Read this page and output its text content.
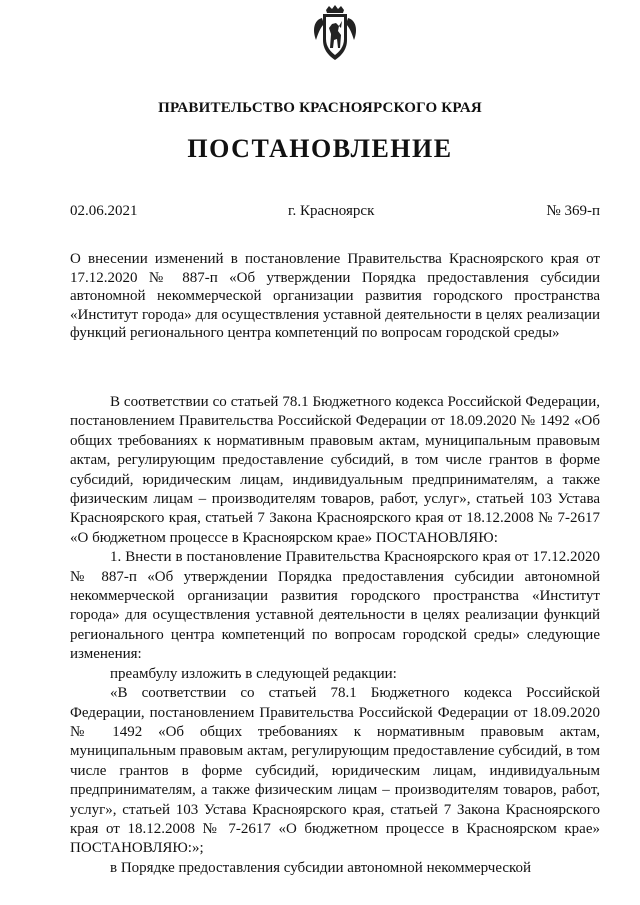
ПРАВИТЕЛЬСТВО КРАСНОЯРСКОГО КРАЯ
ПОСТАНОВЛЕНИЕ
02.06.2021	г. Красноярск	№ 369-п
О внесении изменений в постановление Правительства Красноярского края от 17.12.2020 № 887-п «Об утверждении Порядка предоставления субсидии автономной некоммерческой организации развития городского пространства «Институт города» для осуществления уставной деятельности в целях реализации функций регионального центра компетенций по вопросам городской среды»

В соответствии со статьей 78.1 Бюджетного кодекса Российской Федерации, постановлением Правительства Российской Федерации от 18.09.2020 № 1492 «Об общих требованиях к нормативным правовым актам, муниципальным правовым актам, регулирующим предоставление субсидий, в том числе грантов в форме субсидий, юридическим лицам, индивидуальным предпринимателям, а также физическим лицам – производителям товаров, работ, услуг», статьей 103 Устава Красноярского края, статьей 7 Закона Красноярского края от 18.12.2008 № 7-2617 «О бюджетном процессе в Красноярском крае» ПОСТАНОВЛЯЮ:

1. Внести в постановление Правительства Красноярского края от 17.12.2020 № 887-п «Об утверждении Порядка предоставления субсидии автономной некоммерческой организации развития городского пространства «Институт города» для осуществления уставной деятельности в целях реализации функций регионального центра компетенций по вопросам городской среды» следующие изменения:

преамбулу изложить в следующей редакции:

«В соответствии со статьей 78.1 Бюджетного кодекса Российской Федерации, постановлением Правительства Российской Федерации от 18.09.2020 № 1492 «Об общих требованиях к нормативным правовым актам, муниципальным правовым актам, регулирующим предоставление субсидий, в том числе грантов в форме субсидий, юридическим лицам, индивидуальным предпринимателям, а также физическим лицам – производителям товаров, работ, услуг», статьей 103 Устава Красноярского края, статьей 7 Закона Красноярского края от 18.12.2008 № 7-2617 «О бюджетном процессе в Красноярском крае» ПОСТАНОВЛЯЮ:»;

в Порядке предоставления субсидии автономной некоммерческой
